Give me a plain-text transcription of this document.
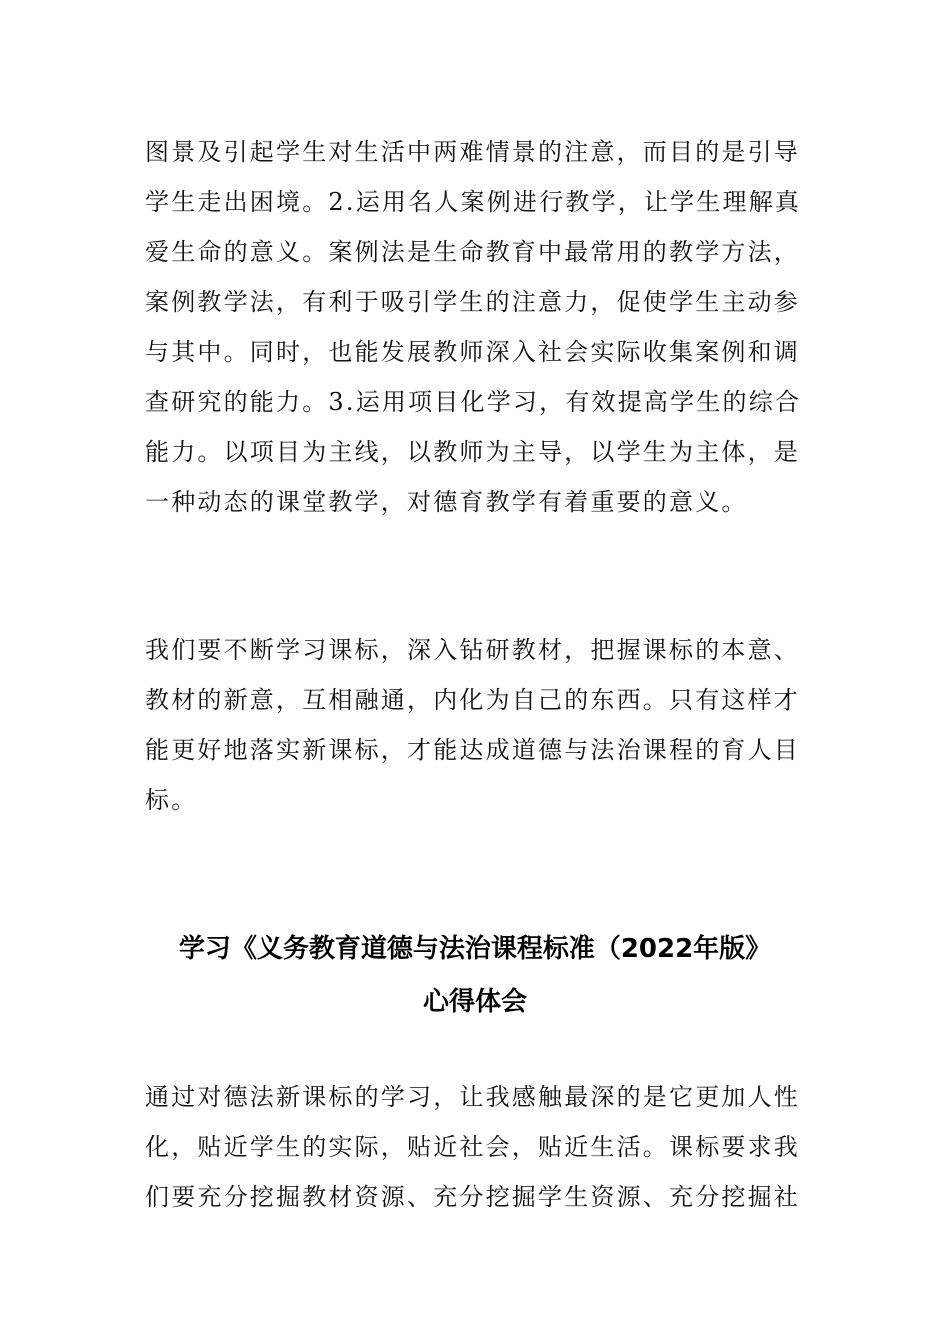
图景及引起学生对生活中两难情景的注意，而目的是引导
学生走出困境。2.运用名人案例进行教学，让学生理解真
爱生命的意义。案例法是生命教育中最常用的教学方法，
案例教学法，有利于吸引学生的注意力，促使学生主动参
与其中。同时，也能发展教师深入社会实际收集案例和调
查研究的能力。3.运用项目化学习，有效提高学生的综合
能力。以项目为主线，以教师为主导，以学生为主体，是
一种动态的课堂教学，对德育教学有着重要的意义。

我们要不断学习课标，深入钻研教材，把握课标的本意、
教材的新意，互相融通，内化为自己的东西。只有这样才
能更好地落实新课标，才能达成道德与法治课程的育人目
标。

学习《义务教育道德与法治课程标准（2022年版》
心得体会

通过对德法新课标的学习，让我感触最深的是它更加人性
化，贴近学生的实际，贴近社会，贴近生活。课标要求我
们要充分挖掘教材资源、充分挖掘学生资源、充分挖掘社
